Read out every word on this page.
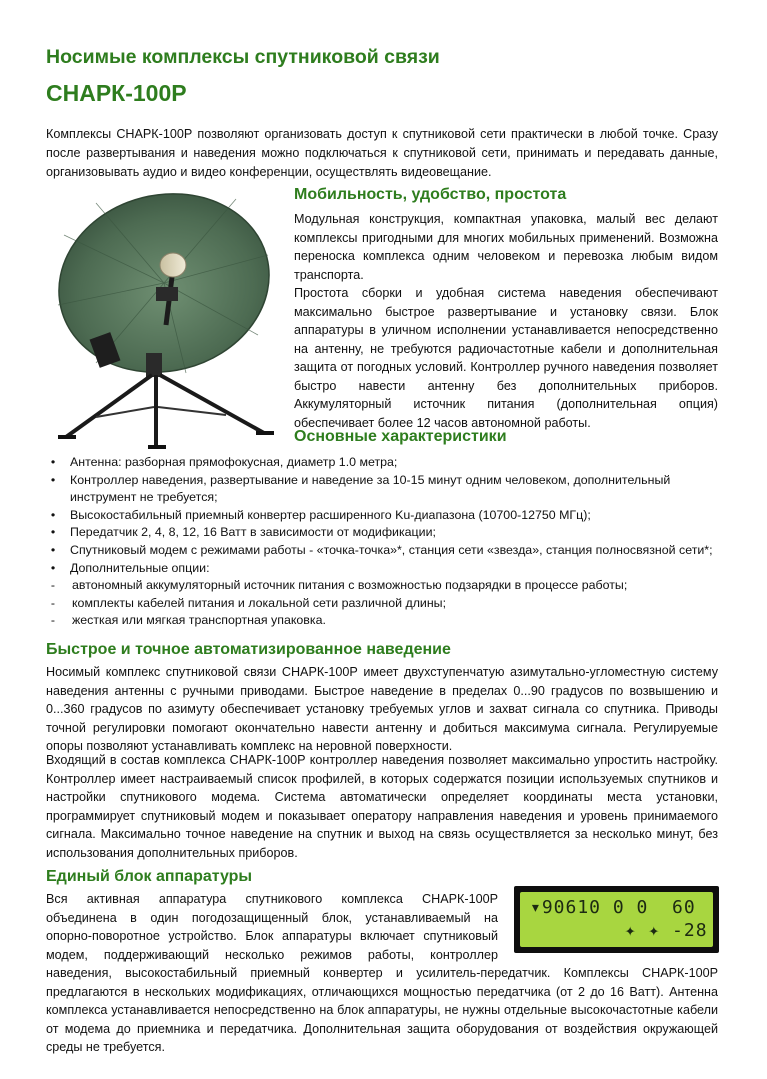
Носимые комплексы спутниковой связи
СНАРК-100Р
Комплексы СНАРК-100Р позволяют организовать доступ к спутниковой сети практически в любой точке. Сразу после развертывания и наведения можно подключаться к спутниковой сети, принимать и передавать данные, организовывать аудио и видео конференции, осуществлять видеовещание.
Мобильность, удобство, простота
Модульная конструкция, компактная упаковка, малый вес делают комплексы пригодными для многих мобильных применений. Возможна переноска комплекса одним человеком и перевозка любым видом транспорта.
Простота сборки и удобная система наведения обеспечивают максимально быстрое развертывание и установку связи. Блок аппаратуры в уличном исполнении устанавливается непосредственно на антенну, не требуются радиочастотные кабели и дополнительная защита от погодных условий. Контроллер ручного наведения позволяет быстро навести антенну без дополнительных приборов. Аккумуляторный источник питания (дополнительная опция) обеспечивает более 12 часов автономной работы.
Основные характеристики
•	Антенна: разборная прямофокусная, диаметр 1.0 метра;
•	Контроллер наведения, развертывание и наведение за 10-15 минут одним человеком, дополнительный инструмент не требуется;
•	Высокостабильный приемный конвертер расширенного Ku-диапазона (10700-12750 МГц);
•	Передатчик 2, 4, 8, 12, 16 Ватт в зависимости от модификации;
•	Спутниковый модем с режимами работы - «точка-точка»*, станция сети «звезда», станция полносвязной сети*;
•	Дополнительные опции:
-	автономный аккумуляторный источник питания с возможностью подзарядки в процессе работы;
-	комплекты кабелей питания и локальной сети различной длины;
-	жесткая или мягкая транспортная упаковка.
Быстрое и точное автоматизированное наведение
Носимый комплекс спутниковой связи СНАРК-100Р имеет двухступенчатую азимутально-угломестную систему наведения антенны с ручными приводами. Быстрое наведение в пределах 0...90 градусов по возвышению и 0...360 градусов по азимуту обеспечивает установку требуемых углов и захват сигнала со спутника. Приводы точной регулировки помогают окончательно навести антенну и добиться максимума сигнала. Регулируемые опоры позволяют устанавливать комплекс на неровной поверхности.
Входящий в состав комплекса СНАРК-100Р контроллер наведения позволяет максимально упростить настройку. Контроллер имеет настраиваемый список профилей, в которых содержатся позиции используемых спутников и настройки спутникового модема. Система автоматически определяет координаты места установки, программирует спутниковый модем и показывает оператору направления наведения и уровень принимаемого сигнала. Максимально точное наведение на спутник и выход на связь осуществляется за несколько минут, без использования дополнительных приборов.
Единый блок аппаратуры
Вся активная аппаратура спутникового комплекса СНАРК-100Р
объединена в один погодозащищенный блок, устанавливаемый на
опорно-поворотное устройство. Блок аппаратуры включает спутниковый
модем, поддерживающий несколько режимов работы, контроллер
наведения, высокостабильный приемный конвертер и усилитель-передатчик. Комплексы СНАРК-100Р предлагаются в нескольких модификациях, отличающихся мощностью передатчика (от 2 до 16 Ватт). Антенна комплекса устанавливается непосредственно на блок аппаратуры, не нужны отдельные высокочастотные кабели от модема до приемника и передатчика. Дополнительная защита оборудования от воздействия окружающей среды не требуется.
▾90610 0 0  60
✦ ✦ -28
